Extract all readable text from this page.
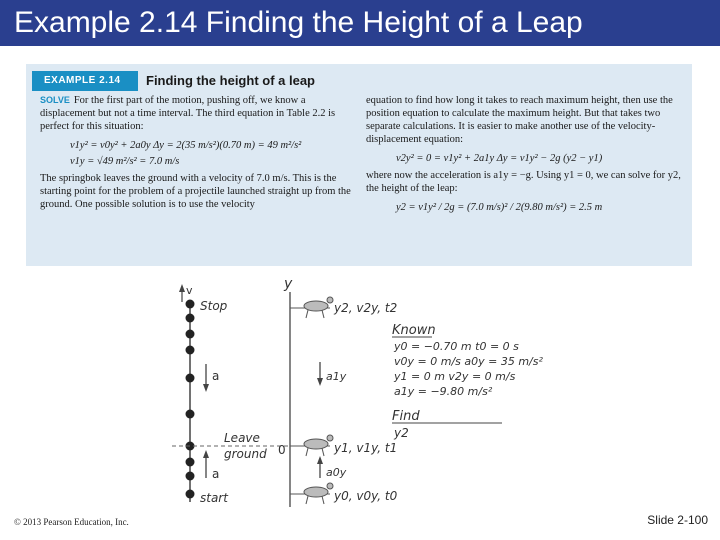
Example 2.14 Finding the Height of a Leap
EXAMPLE 2.14	Finding the height of a leap
SOLVE For the first part of the motion, pushing off, we know a displacement but not a time interval. The third equation in Table 2.2 is perfect for this situation:
v1y² = v0y² + 2a0y Δy = 2(35 m/s²)(0.70 m) = 49 m²/s²
v1y = √49 m²/s² = 7.0 m/s
The springbok leaves the ground with a velocity of 7.0 m/s. This is the starting point for the problem of a projectile launched straight up from the ground. One possible solution is to use the velocity
equation to find how long it takes to reach maximum height, then use the position equation to calculate the maximum height. But that takes two separate calculations. It is easier to make another use of the velocity-displacement equation:
v2y² = 0 = v1y² + 2a1y Δy = v1y² − 2g (y2 − y1)
where now the acceleration is a1y = −g. Using y1 = 0, we can solve for y2, the height of the leap:
y2 = v1y² / 2g = (7.0 m/s)² / 2(9.80 m/s²) = 2.5 m
v
Stop
a
Leave
ground
a
start
y
0
y2, v2y, t2
a1y
y1, v1y, t1
a0y
y0, v0y, t0
Known
y0 = −0.70 m t0 = 0 s
v0y = 0 m/s a0y = 35 m/s²
y1 = 0 m v2y = 0 m/s
a1y = −9.80 m/s²
Find
y2
© 2013 Pearson Education, Inc.	Slide 2-100
